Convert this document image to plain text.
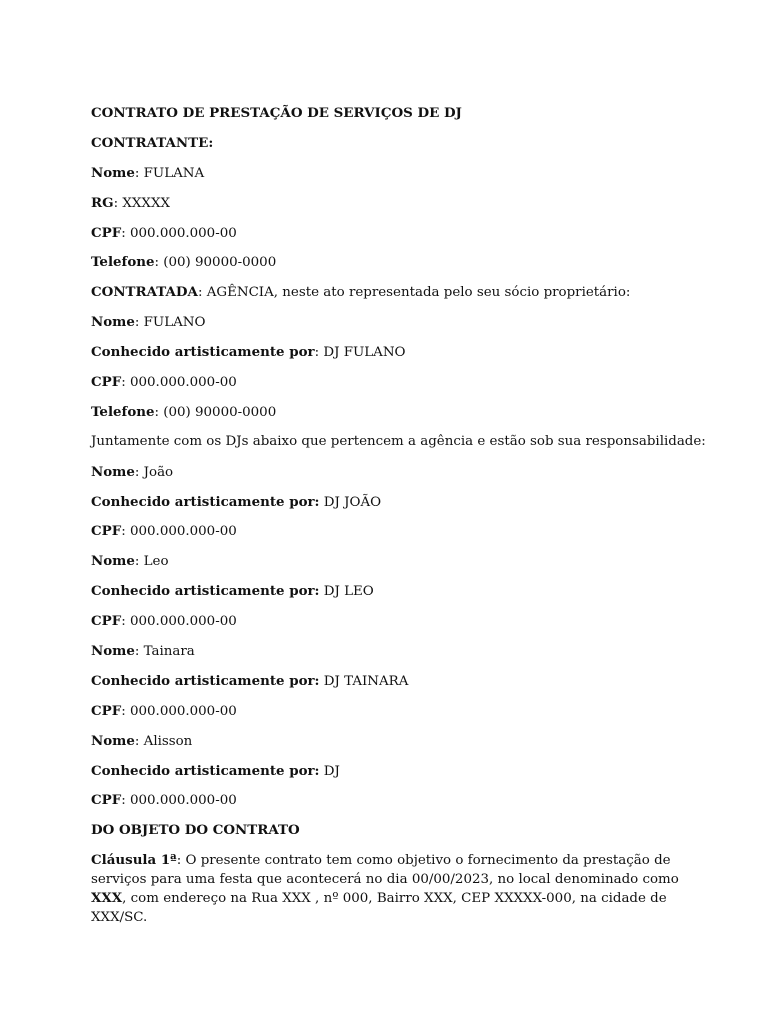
CONTRATO DE PRESTAÇÃO DE SERVIÇOS DE DJ
CONTRATANTE:
Nome: FULANA
RG: XXXXX
CPF: 000.000.000-00
Telefone: (00) 90000-0000
CONTRATADA: AGÊNCIA, neste ato representada pelo seu sócio proprietário:
Nome: FULANO
Conhecido artisticamente por: DJ FULANO
CPF: 000.000.000-00
Telefone: (00) 90000-0000
Juntamente com os DJs abaixo que pertencem a agência e estão sob sua responsabilidade:
Nome: João
Conhecido artisticamente por: DJ JOÃO
CPF: 000.000.000-00
Nome: Leo
Conhecido artisticamente por: DJ LEO
CPF: 000.000.000-00
Nome: Tainara
Conhecido artisticamente por: DJ TAINARA
CPF: 000.000.000-00
Nome: Alisson
Conhecido artisticamente por: DJ
CPF: 000.000.000-00
DO OBJETO DO CONTRATO

Cláusula 1ª: O presente contrato tem como objetivo o fornecimento da prestação de serviços para uma festa que acontecerá no dia 00/00/2023, no local denominado como XXX, com endereço na Rua XXX , nº 000, Bairro XXX, CEP XXXXX-000, na cidade de XXX/SC.
